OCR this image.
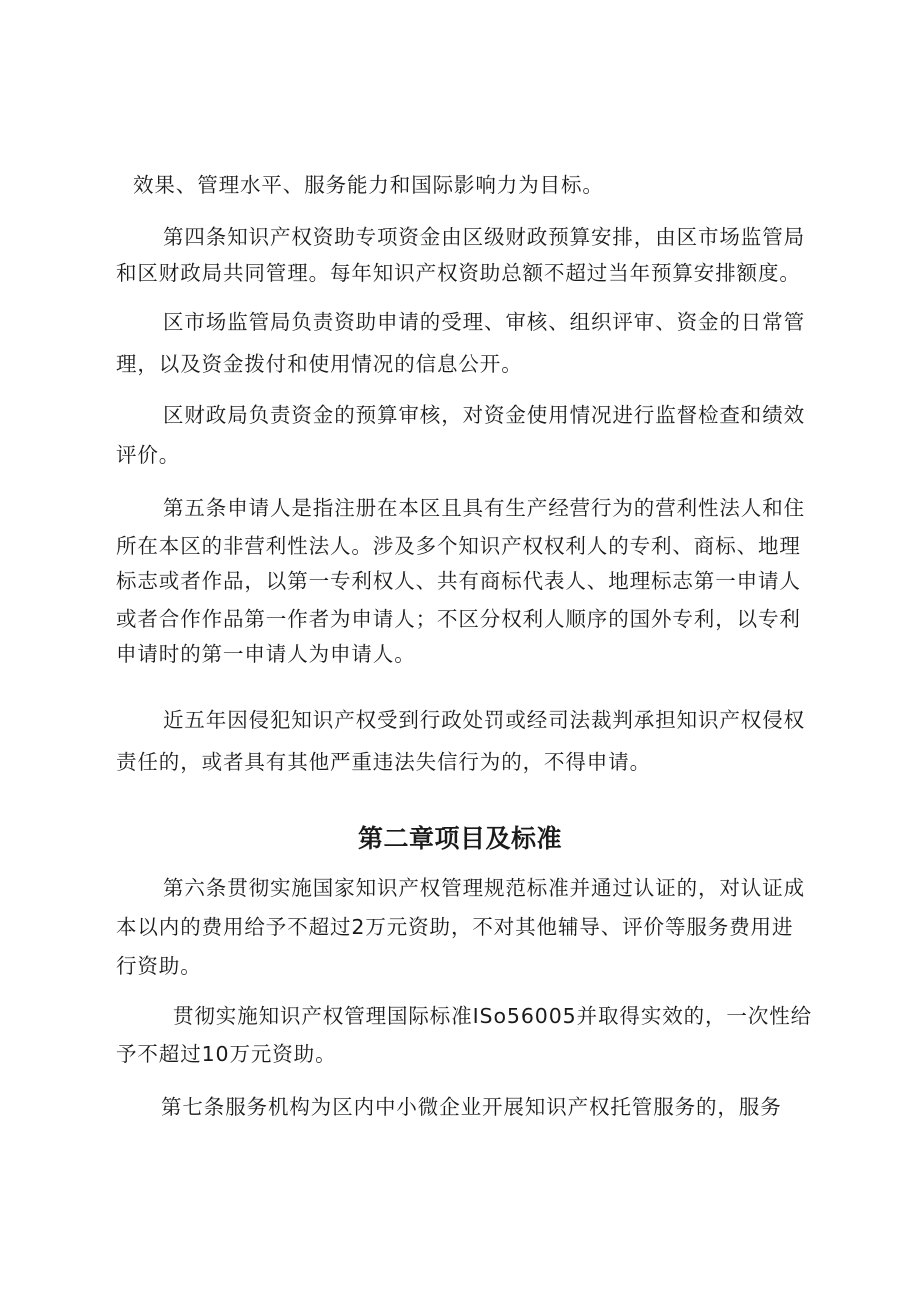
效果、管理水平、服务能力和国际影响力为目标。
第四条知识产权资助专项资金由区级财政预算安排，由区市场监管局
和区财政局共同管理。每年知识产权资助总额不超过当年预算安排额度。
区市场监管局负责资助申请的受理、审核、组织评审、资金的日常管
理，以及资金拨付和使用情况的信息公开。
区财政局负责资金的预算审核，对资金使用情况进行监督检查和绩效
评价。
第五条申请人是指注册在本区且具有生产经营行为的营利性法人和住
所在本区的非营利性法人。涉及多个知识产权权利人的专利、商标、地理
标志或者作品，以第一专利权人、共有商标代表人、地理标志第一申请人
或者合作作品第一作者为申请人；不区分权利人顺序的国外专利，以专利
申请时的第一申请人为申请人。
近五年因侵犯知识产权受到行政处罚或经司法裁判承担知识产权侵权
责任的，或者具有其他严重违法失信行为的，不得申请。
第二章项目及标准
第六条贯彻实施国家知识产权管理规范标准并通过认证的，对认证成
本以内的费用给予不超过2万元资助，不对其他辅导、评价等服务费用进
行资助。
贯彻实施知识产权管理国际标准ISo56005并取得实效的，一次性给
予不超过10万元资助。
第七条服务机构为区内中小微企业开展知识产权托管服务的，服务
